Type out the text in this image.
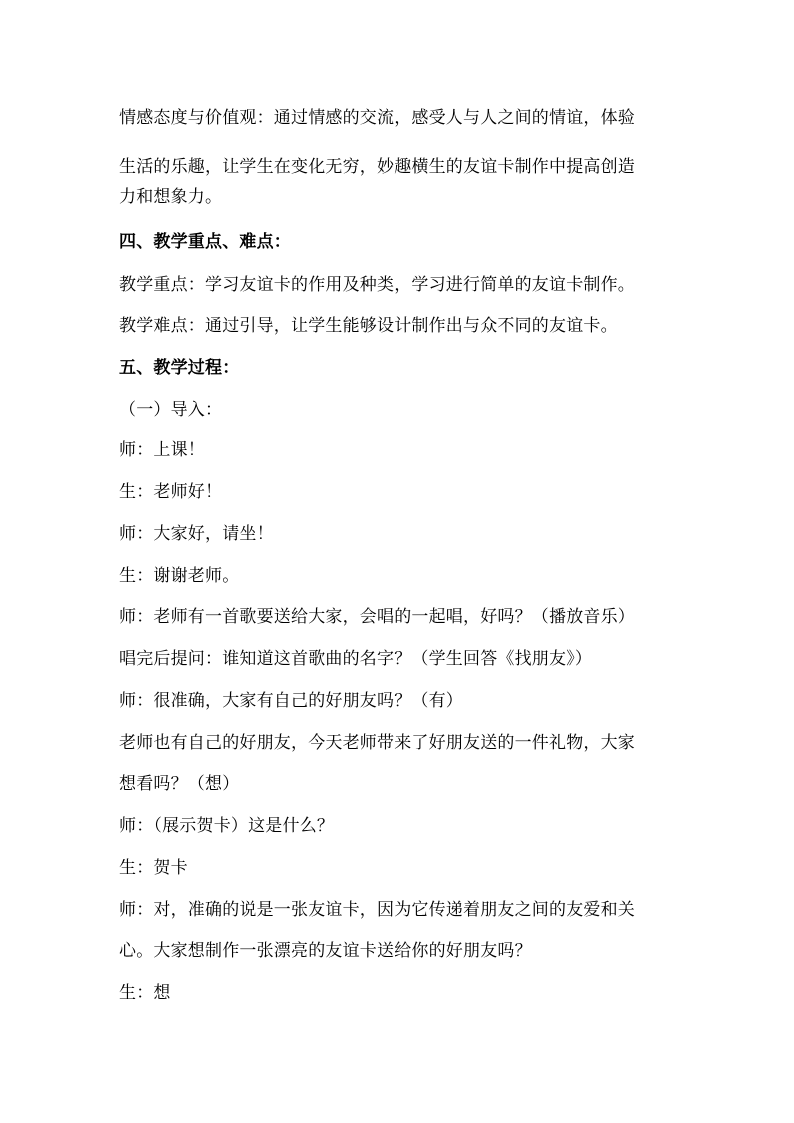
情感态度与价值观：通过情感的交流，感受人与人之间的情谊，体验
生活的乐趣，让学生在变化无穷，妙趣横生的友谊卡制作中提高创造
力和想象力。
四、教学重点、难点：
教学重点：学习友谊卡的作用及种类，学习进行简单的友谊卡制作。
教学难点：通过引导，让学生能够设计制作出与众不同的友谊卡。
五、教学过程：
（一）导入：
师：上课！
生：老师好！
师：大家好，请坐！
生：谢谢老师。
师：老师有一首歌要送给大家，会唱的一起唱，好吗？（播放音乐）
唱完后提问：谁知道这首歌曲的名字？（学生回答《找朋友》）
师：很准确，大家有自己的好朋友吗？（有）
老师也有自己的好朋友，今天老师带来了好朋友送的一件礼物，大家
想看吗？（想）
师：（展示贺卡）这是什么？
生：贺卡
师：对，准确的说是一张友谊卡，因为它传递着朋友之间的友爱和关
心。大家想制作一张漂亮的友谊卡送给你的好朋友吗？
生：想
